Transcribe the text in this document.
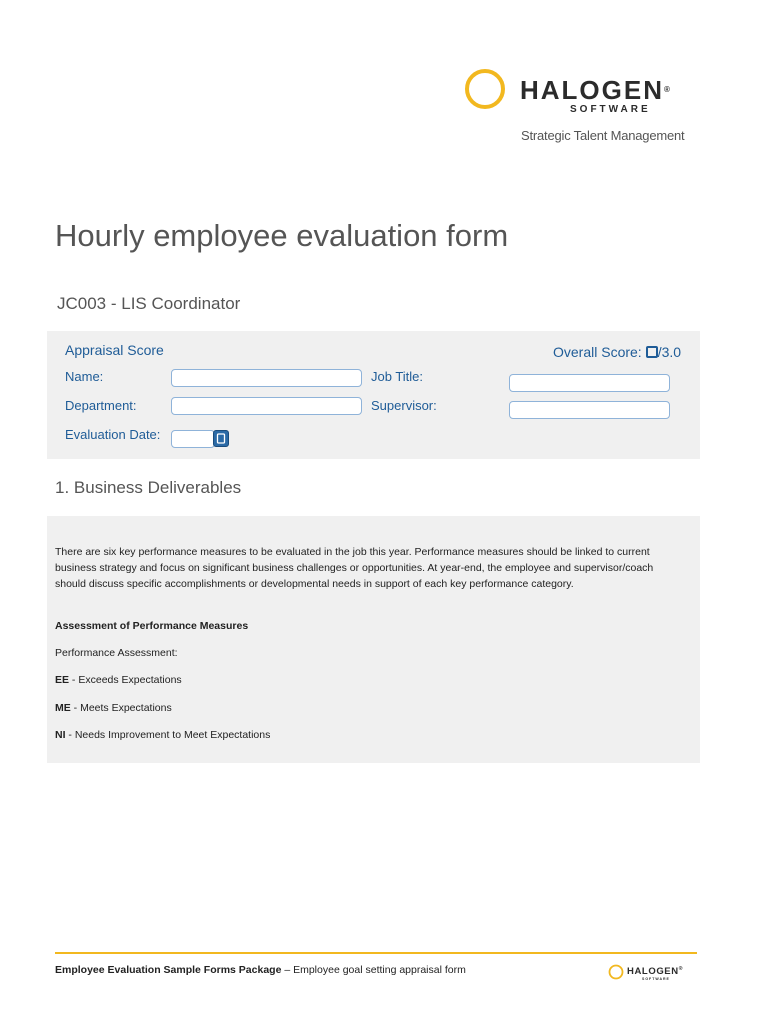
HALOGEN®
SOFTWARE
Strategic Talent Management
Hourly employee evaluation form
JC003 - LIS Coordinator
Appraisal Score	Overall Score: /3.0
Name:	Job Title:
Department:	Supervisor:
Evaluation Date:
1. Business Deliverables
There are six key performance measures to be evaluated in the job this year. Performance measures should be linked to current business strategy and focus on significant business challenges or opportunities. At year-end, the employee and supervisor/coach should discuss specific accomplishments or developmental needs in support of each key performance category.
Assessment of Performance Measures
Performance Assessment:
EE - Exceeds Expectations
ME - Meets Expectations
NI - Needs Improvement to Meet Expectations
Employee Evaluation Sample Forms Package – Employee goal setting appraisal form	HALOGEN®
SOFTWARE
